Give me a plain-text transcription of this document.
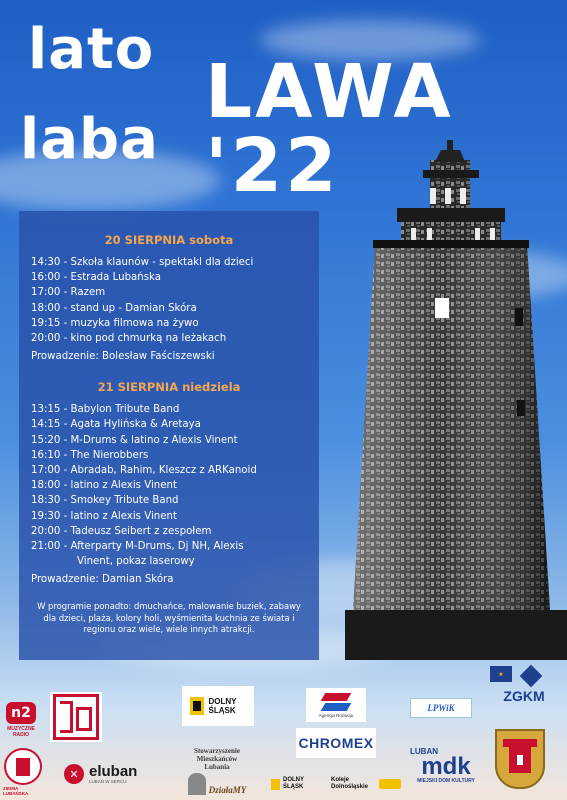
lato
laba
LAWA '22
20 SIERPNIA sobota
14:30 - Szkoła klaunów - spektakl dla dzieci
16:00 - Estrada Lubańska
17:00 - Razem
18:00 - stand up - Damian Skóra
19:15 - muzyka filmowa na żywo
20:00 - kino pod chmurką na leżakach
Prowadzenie: Bolesław Faściszewski
21 SIERPNIA niedziela
13:15 - Babylon Tribute Band
14:15 - Agata Hylińska & Aretaya
15:20 - M-Drums & latino z Alexis Vinent
16:10 - The Nierobbers
17:00 - Abradab, Rahim, Kleszcz z ARKanoid
18:00 - latino z Alexis Vinent
18:30 - Smokey Tribute Band
19:30 - latino z Alexis Vinent
20:00 - Tadeusz Seibert z zespołem
21:00 - Afterparty M-Drums, Dj NH, Alexis
Vinent, pokaz laserowy
Prowadzenie: Damian Skóra
W programie ponadto: dmuchańce, malowanie buziek, zabawy dla dzieci, plaża, kolory holi, wyśmienita kuchnia ze świata i regionu oraz wiele, wiele innych atrakcji.
n2
MUZYCZNE RADIO
ZIEMIA LUBAŃSKA
✕ eluban
LUBAŃ W SERCU
DOLNY ŚLĄSK
Stowarzyszenie Mieszkańców Lubania
DziałaMY
DOLNY ŚLĄSK
Agencja Rozwoju
CHROMEX
Koleje Dolnośląskie
LPWiK
LUBAN
mdk
MIEJSKI DOM KULTURY
★
ZGKM
